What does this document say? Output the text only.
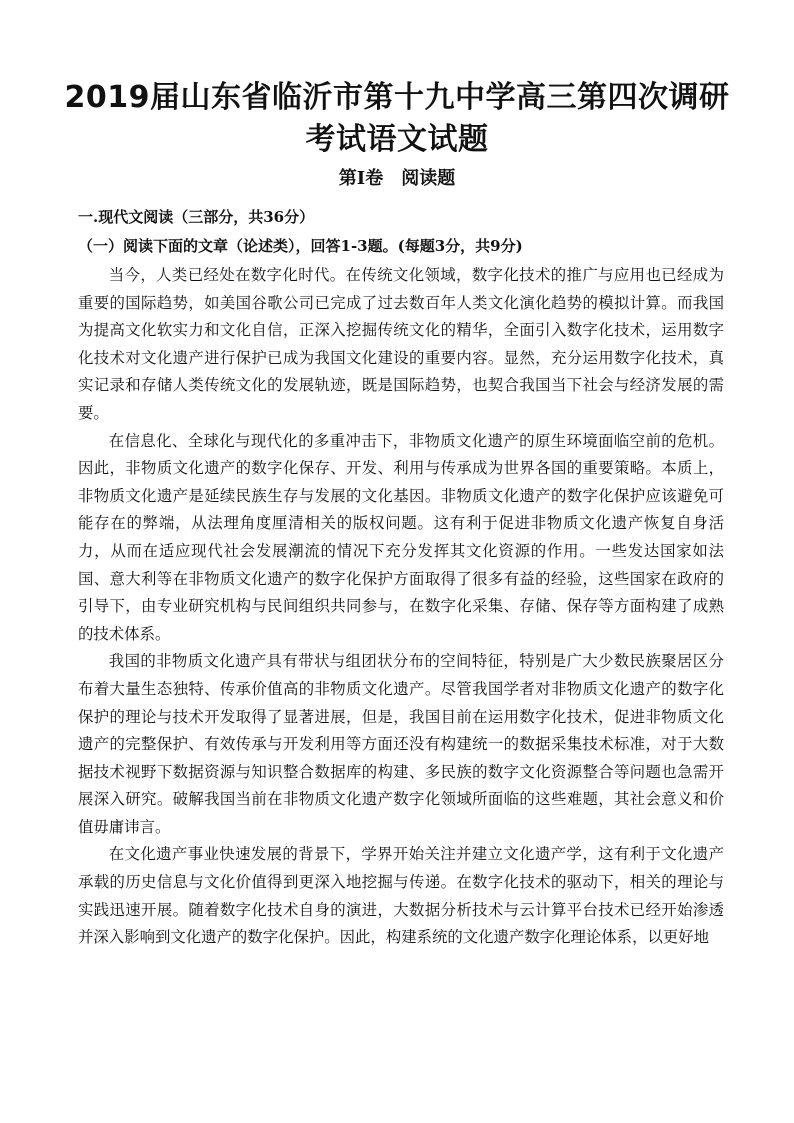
2019届山东省临沂市第十九中学高三第四次调研
考试语文试题
第I卷　阅读题
一.现代文阅读（三部分，共36分）
（一）阅读下面的文章（论述类），回答1-3题。(每题3分，共9分)

当今，人类已经处在数字化时代。在传统文化领域，数字化技术的推广与应用也已经成为重要的国际趋势，如美国谷歌公司已完成了过去数百年人类文化演化趋势的模拟计算。而我国为提高文化软实力和文化自信，正深入挖掘传统文化的精华，全面引入数字化技术，运用数字化技术对文化遗产进行保护已成为我国文化建设的重要内容。显然，充分运用数字化技术，真实记录和存储人类传统文化的发展轨迹，既是国际趋势，也契合我国当下社会与经济发展的需要。

在信息化、全球化与现代化的多重冲击下，非物质文化遗产的原生环境面临空前的危机。因此，非物质文化遗产的数字化保存、开发、利用与传承成为世界各国的重要策略。本质上，非物质文化遗产是延续民族生存与发展的文化基因。非物质文化遗产的数字化保护应该避免可能存在的弊端，从法理角度厘清相关的版权问题。这有利于促进非物质文化遗产恢复自身活力，从而在适应现代社会发展潮流的情况下充分发挥其文化资源的作用。一些发达国家如法国、意大利等在非物质文化遗产的数字化保护方面取得了很多有益的经验，这些国家在政府的引导下，由专业研究机构与民间组织共同参与，在数字化采集、存储、保存等方面构建了成熟的技术体系。

我国的非物质文化遗产具有带状与组团状分布的空间特征，特别是广大少数民族聚居区分布着大量生态独特、传承价值高的非物质文化遗产。尽管我国学者对非物质文化遗产的数字化保护的理论与技术开发取得了显著进展，但是，我国目前在运用数字化技术，促进非物质文化遗产的完整保护、有效传承与开发利用等方面还没有构建统一的数据采集技术标准，对于大数据技术视野下数据资源与知识整合数据库的构建、多民族的数字文化资源整合等问题也急需开展深入研究。破解我国当前在非物质文化遗产数字化领域所面临的这些难题，其社会意义和价值毋庸讳言。

在文化遗产事业快速发展的背景下，学界开始关注并建立文化遗产学，这有利于文化遗产承载的历史信息与文化价值得到更深入地挖掘与传递。在数字化技术的驱动下，相关的理论与实践迅速开展。随着数字化技术自身的演进，大数据分析技术与云计算平台技术已经开始渗透并深入影响到文化遗产的数字化保护。因此，构建系统的文化遗产数字化理论体系，以更好地
